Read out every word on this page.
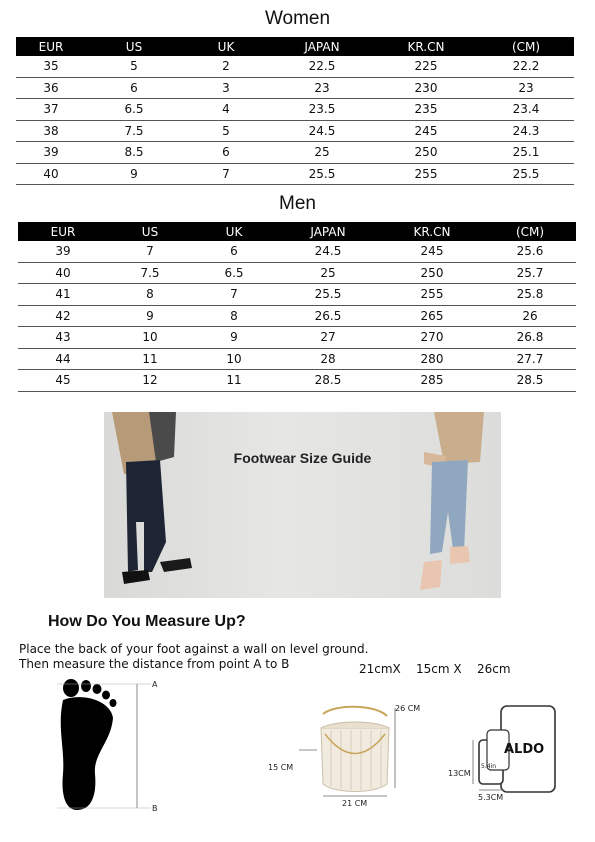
Women
EUR	US	UK	JAPAN	KR.CN	(CM)
35	5	2	22.5	225	22.2
36	6	3	23	230	23
37	6.5	4	23.5	235	23.4
38	7.5	5	24.5	245	24.3
39	8.5	6	25	250	25.1
40	9	7	25.5	255	25.5
Men
EUR	US	UK	JAPAN	KR.CN	(CM)
39	7	6	24.5	245	25.6
40	7.5	6.5	25	250	25.7
41	8	7	25.5	255	25.8
42	9	8	26.5	265	26
43	10	9	27	270	26.8
44	11	10	28	280	27.7
45	12	11	28.5	285	28.5
Footwear Size Guide
How Do You Measure Up?
Place the back of your foot against a wall on level ground.
Then measure the distance from point A to B
A
B
21cmX 15cm X 26cm
26 CM
15 CM
21 CM
ALDO
5.4in
13CM
5.3CM
